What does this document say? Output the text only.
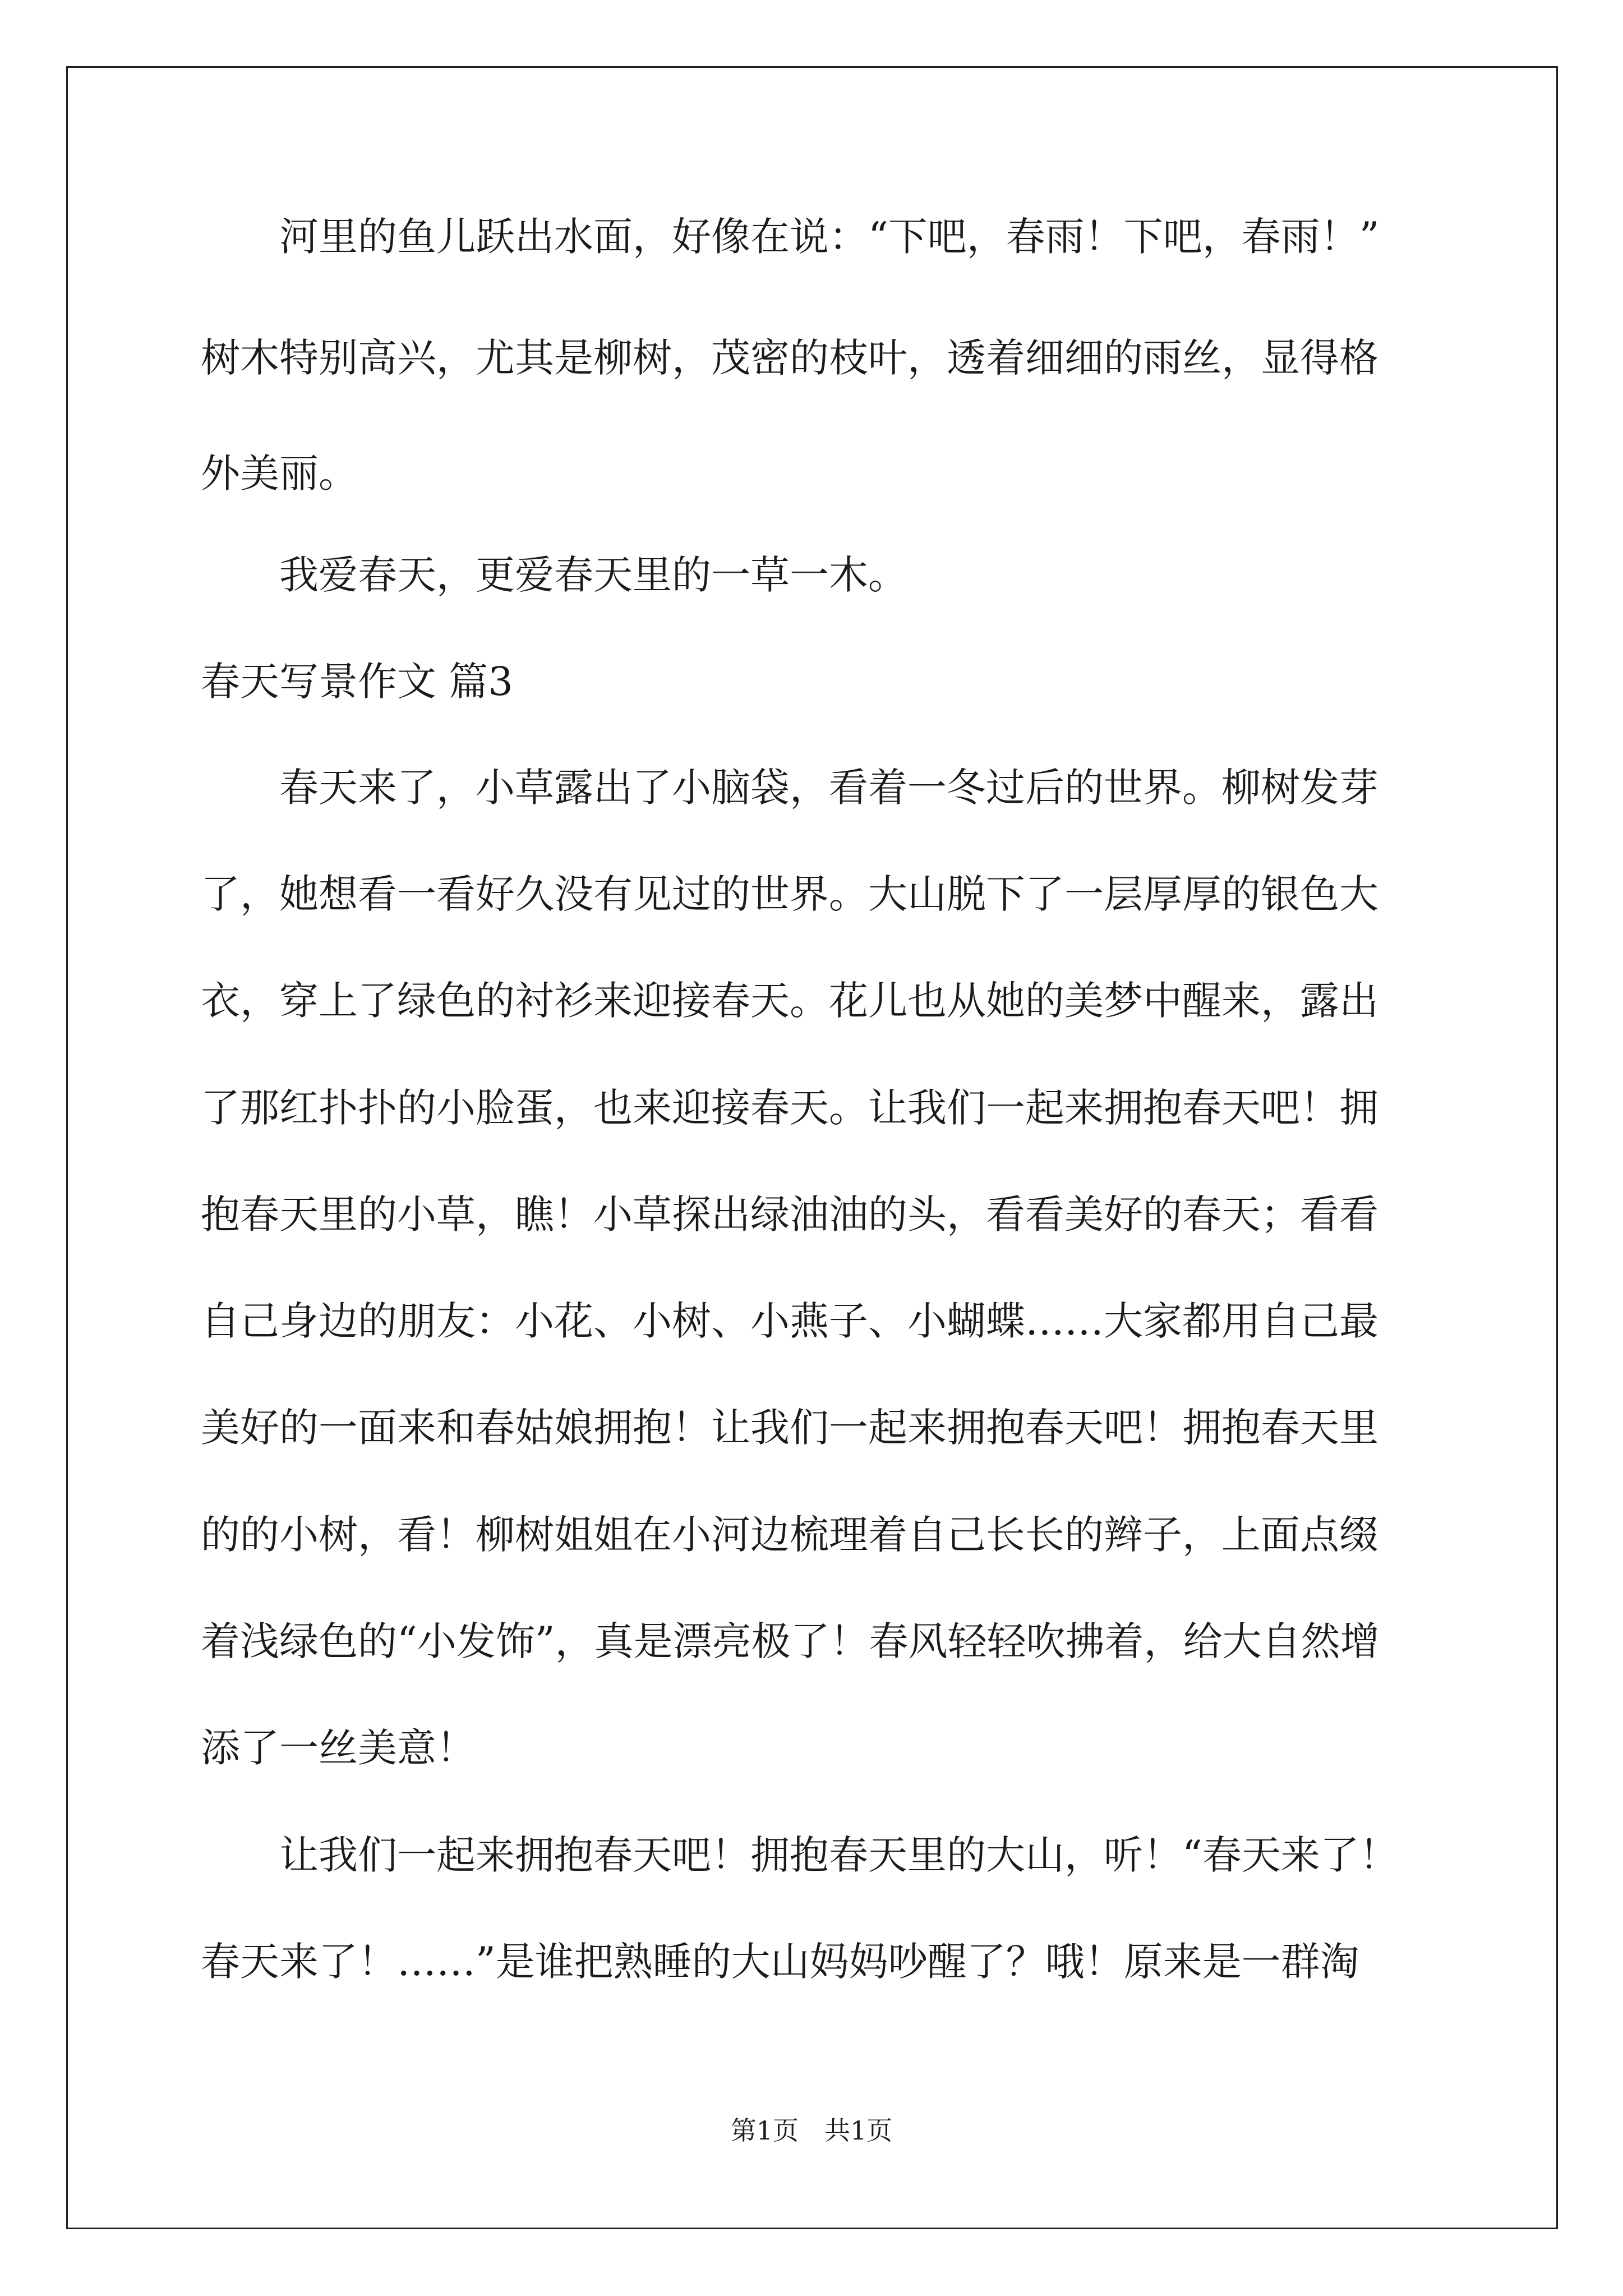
　　河里的鱼儿跃出水面，好像在说：“下吧，春雨！下吧，春雨！”
树木特别高兴，尤其是柳树，茂密的枝叶，透着细细的雨丝，显得格
外美丽。
　　我爱春天，更爱春天里的一草一木。
春天写景作文 篇3
　　春天来了，小草露出了小脑袋，看着一冬过后的世界。柳树发芽
了，她想看一看好久没有见过的世界。大山脱下了一层厚厚的银色大
衣，穿上了绿色的衬衫来迎接春天。花儿也从她的美梦中醒来，露出
了那红扑扑的小脸蛋，也来迎接春天。让我们一起来拥抱春天吧！拥
抱春天里的小草，瞧！小草探出绿油油的头，看看美好的春天；看看
自己身边的朋友：小花、小树、小燕子、小蝴蝶……大家都用自己最
美好的一面来和春姑娘拥抱！让我们一起来拥抱春天吧！拥抱春天里
的的小树，看！柳树姐姐在小河边梳理着自己长长的辫子，上面点缀
着浅绿色的“小发饰”，真是漂亮极了！春风轻轻吹拂着，给大自然增
添了一丝美意！
　　让我们一起来拥抱春天吧！拥抱春天里的大山，听！“春天来了！
春天来了！……”是谁把熟睡的大山妈妈吵醒了？哦！原来是一群淘
第1页　共1页
